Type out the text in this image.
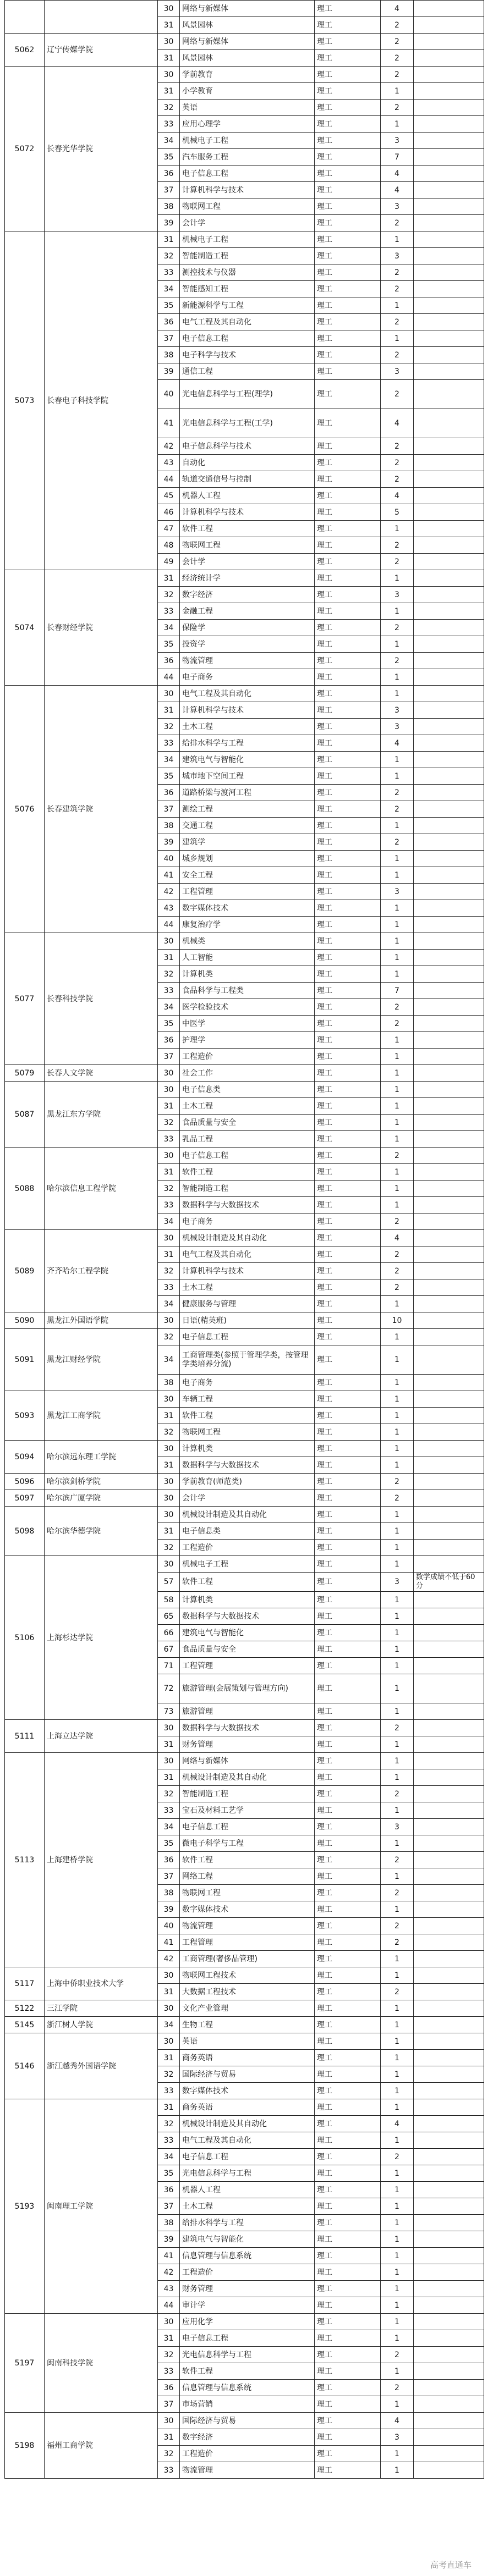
		30	网络与新媒体	理工	4	
		31	风景园林	理工	2	
5062	辽宁传媒学院	30	网络与新媒体	理工	2	
		31	风景园林	理工	2	
5072	长春光华学院	30	学前教育	理工	2	
		31	小学教育	理工	1	
		32	英语	理工	2	
		33	应用心理学	理工	1	
		34	机械电子工程	理工	3	
		35	汽车服务工程	理工	7	
		36	电子信息工程	理工	4	
		37	计算机科学与技术	理工	4	
		38	物联网工程	理工	3	
		39	会计学	理工	2	
5073	长春电子科技学院	31	机械电子工程	理工	1	
		32	智能制造工程	理工	3	
		33	测控技术与仪器	理工	2	
		34	智能感知工程	理工	2	
		35	新能源科学与工程	理工	1	
		36	电气工程及其自动化	理工	2	
		37	电子信息工程	理工	1	
		38	电子科学与技术	理工	2	
		39	通信工程	理工	3	
		40	光电信息科学与工程(理学)	理工	2	
		41	光电信息科学与工程(工学)	理工	4	
		42	电子信息科学与技术	理工	2	
		43	自动化	理工	2	
		44	轨道交通信号与控制	理工	2	
		45	机器人工程	理工	4	
		46	计算机科学与技术	理工	5	
		47	软件工程	理工	1	
		48	物联网工程	理工	2	
		49	会计学	理工	2	
5074	长春财经学院	31	经济统计学	理工	1	
		32	数字经济	理工	3	
		33	金融工程	理工	1	
		34	保险学	理工	2	
		35	投资学	理工	1	
		36	物流管理	理工	2	
		44	电子商务	理工	1	
5076	长春建筑学院	30	电气工程及其自动化	理工	1	
		31	计算机科学与技术	理工	3	
		32	土木工程	理工	3	
		33	给排水科学与工程	理工	4	
		34	建筑电气与智能化	理工	1	
		35	城市地下空间工程	理工	1	
		36	道路桥梁与渡河工程	理工	2	
		37	测绘工程	理工	2	
		38	交通工程	理工	1	
		39	建筑学	理工	2	
		40	城乡规划	理工	1	
		41	安全工程	理工	1	
		42	工程管理	理工	3	
		43	数字媒体技术	理工	1	
		44	康复治疗学	理工	1	
5077	长春科技学院	30	机械类	理工	1	
		31	人工智能	理工	1	
		32	计算机类	理工	1	
		33	食品科学与工程类	理工	7	
		34	医学检验技术	理工	2	
		35	中医学	理工	2	
		36	护理学	理工	1	
		37	工程造价	理工	1	
5079	长春人文学院	30	社会工作	理工	1	
5087	黑龙江东方学院	30	电子信息类	理工	1	
		31	土木工程	理工	1	
		32	食品质量与安全	理工	1	
		33	乳品工程	理工	1	
5088	哈尔滨信息工程学院	30	电子信息工程	理工	2	
		31	软件工程	理工	1	
		32	智能制造工程	理工	1	
		33	数据科学与大数据技术	理工	1	
		34	电子商务	理工	2	
5089	齐齐哈尔工程学院	30	机械设计制造及其自动化	理工	4	
		31	电气工程及其自动化	理工	2	
		32	计算机科学与技术	理工	2	
		33	土木工程	理工	2	
		34	健康服务与管理	理工	1	
5090	黑龙江外国语学院	30	日语(精英班)	理工	10	
5091	黑龙江财经学院	32	电子信息工程	理工	1	
		34	工商管理类(参照于管理学类，按管理学类培养分流)	理工	1	
		38	电子商务	理工	1	
5093	黑龙江工商学院	30	车辆工程	理工	1	
		31	软件工程	理工	1	
		32	物联网工程	理工	1	
5094	哈尔滨远东理工学院	30	计算机类	理工	1	
		31	数据科学与大数据技术	理工	1	
5096	哈尔滨剑桥学院	30	学前教育(师范类)	理工	2	
5097	哈尔滨广厦学院	30	会计学	理工	2	
5098	哈尔滨华德学院	30	机械设计制造及其自动化	理工	1	
		31	电子信息类	理工	1	
		32	工程造价	理工	1	
5106	上海杉达学院	30	机械电子工程	理工	1	
		57	软件工程	理工	3	数学成绩不低于60分
		58	计算机类	理工	1	
		65	数据科学与大数据技术	理工	1	
		66	建筑电气与智能化	理工	1	
		67	食品质量与安全	理工	1	
		71	工程管理	理工	1	
		72	旅游管理(会展策划与管理方向)	理工	1	
		73	旅游管理	理工	1	
5111	上海立达学院	30	数据科学与大数据技术	理工	2	
		31	财务管理	理工	1	
5113	上海建桥学院	30	网络与新媒体	理工	1	
		31	机械设计制造及其自动化	理工	1	
		32	智能制造工程	理工	2	
		33	宝石及材料工艺学	理工	1	
		34	电子信息工程	理工	3	
		35	微电子科学与工程	理工	1	
		36	软件工程	理工	2	
		37	网络工程	理工	1	
		38	物联网工程	理工	2	
		39	数字媒体技术	理工	1	
		40	物流管理	理工	2	
		41	工程管理	理工	2	
		42	工商管理(奢侈品管理)	理工	1	
5117	上海中侨职业技术大学	30	物联网工程技术	理工	1	
		31	大数据工程技术	理工	2	
5122	三江学院	30	文化产业管理	理工	1	
5145	浙江树人学院	34	生物工程	理工	1	
5146	浙江越秀外国语学院	30	英语	理工	1	
		31	商务英语	理工	1	
		32	国际经济与贸易	理工	1	
		33	数字媒体技术	理工	1	
5193	闽南理工学院	31	商务英语	理工	1	
		32	机械设计制造及其自动化	理工	4	
		33	电气工程及其自动化	理工	1	
		34	电子信息工程	理工	2	
		35	光电信息科学与工程	理工	1	
		36	机器人工程	理工	1	
		37	土木工程	理工	1	
		38	给排水科学与工程	理工	1	
		39	建筑电气与智能化	理工	1	
		41	信息管理与信息系统	理工	1	
		42	工程造价	理工	1	
		43	财务管理	理工	1	
		44	审计学	理工	1	
5197	闽南科技学院	30	应用化学	理工	1	
		31	电子信息工程	理工	1	
		32	光电信息科学与工程	理工	2	
		33	软件工程	理工	1	
		36	信息管理与信息系统	理工	2	
		37	市场营销	理工	1	
5198	福州工商学院	30	国际经济与贸易	理工	4	
		31	数字经济	理工	3	
		32	工程造价	理工	1	
		33	物流管理	理工	1	
高考直通车
